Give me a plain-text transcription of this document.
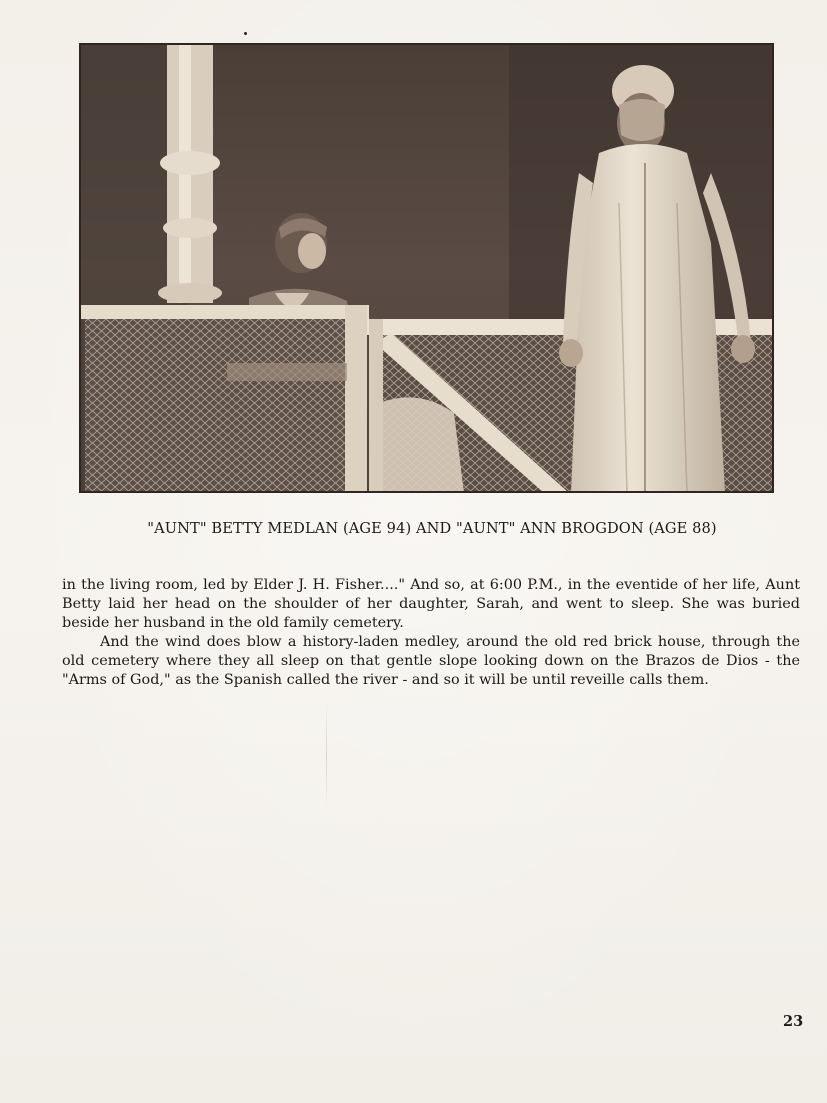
"AUNT" BETTY MEDLAN (AGE 94) AND "AUNT" ANN BROGDON (AGE 88)

in the living room, led by Elder J. H. Fisher...." And so, at 6:00 P.M., in the eventide of her life, Aunt Betty laid her head on the shoulder of her daughter, Sarah, and went to sleep. She was buried beside her husband in the old family cemetery.

And the wind does blow a history-laden medley, around the old red brick house, through the old cemetery where they all sleep on that gentle slope looking down on the Brazos de Dios - the "Arms of God," as the Spanish called the river - and so it will be until reveille calls them.

23
